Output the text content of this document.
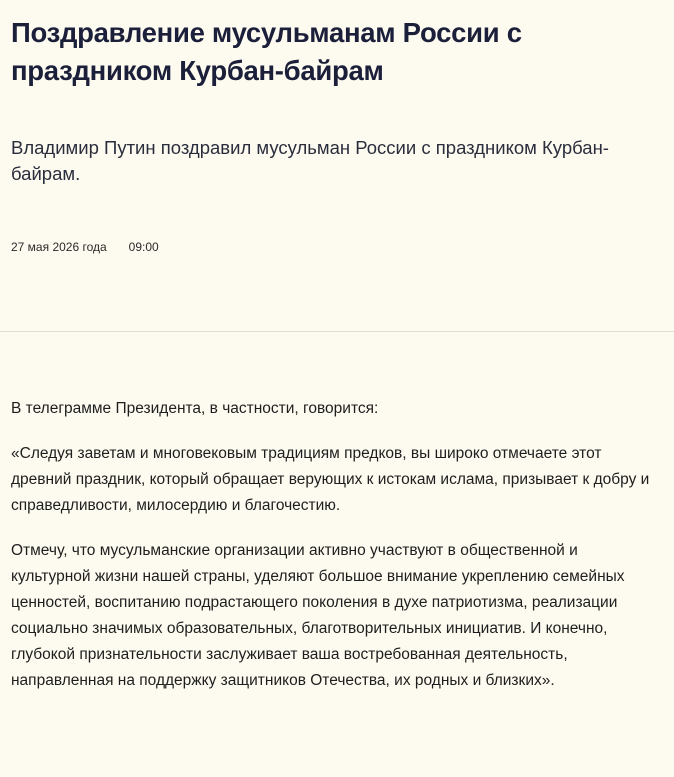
Поздравление мусульманам России с праздником Курбан-байрам

Владимир Путин поздравил мусульман России с праздником Курбан-байрам.

27 мая 2026 года 09:00

В телеграмме Президента, в частности, говорится:

«Следуя заветам и многовековым традициям предков, вы широко отмечаете этот древний праздник, который обращает верующих к истокам ислама, призывает к добру и справедливости, милосердию и благочестию.

Отмечу, что мусульманские организации активно участвуют в общественной и культурной жизни нашей страны, уделяют большое внимание укреплению семейных ценностей, воспитанию подрастающего поколения в духе патриотизма, реализации социально значимых образовательных, благотворительных инициатив. И конечно, глубокой признательности заслуживает ваша востребованная деятельность, направленная на поддержку защитников Отечества, их родных и близких».
